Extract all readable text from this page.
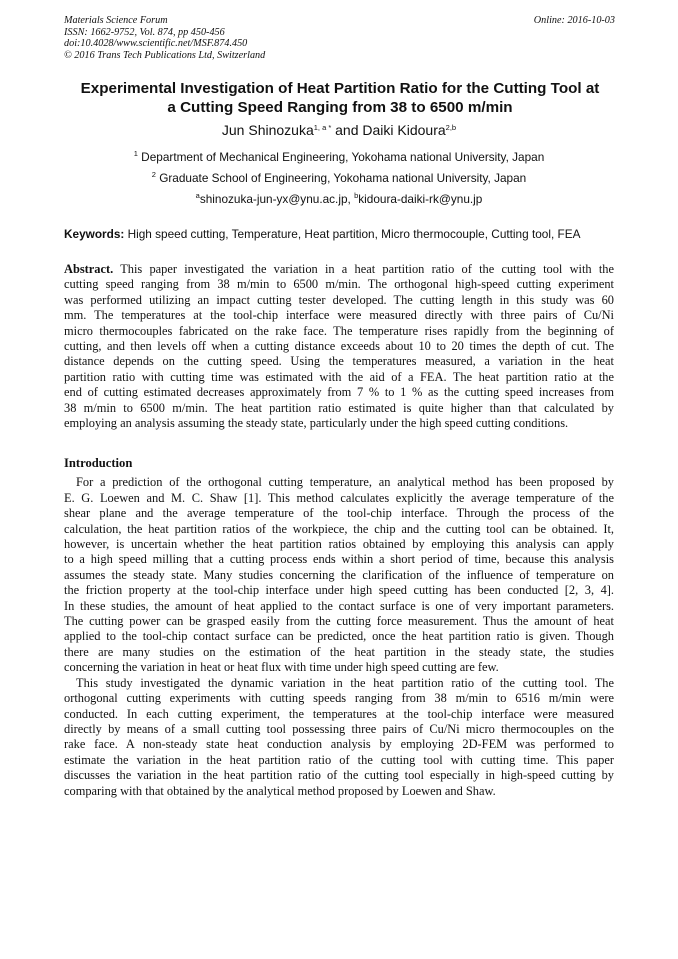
Materials Science Forum
ISSN: 1662-9752, Vol. 874, pp 450-456
doi:10.4028/www.scientific.net/MSF.874.450
© 2016 Trans Tech Publications Ltd, Switzerland
Online: 2016-10-03
Experimental Investigation of Heat Partition Ratio for the Cutting Tool at
a Cutting Speed Ranging from 38 to 6500 m/min
Jun Shinozuka$^{1, a *}$ and Daiki Kidoura$^{2,b}$
$^1$ Department of Mechanical Engineering, Yokohama national University, Japan
$^2$ Graduate School of Engineering, Yokohama national University, Japan
$^a$shinozuka-jun-yx@ynu.ac.jp, $^b$kidoura-daiki-rk@ynu.jp
Keywords: High speed cutting, Temperature, Heat partition, Micro thermocouple, Cutting tool, FEA
Abstract. This paper investigated the variation in a heat partition ratio of the cutting tool with the
cutting speed ranging from 38 m/min to 6500 m/min. The orthogonal high-speed cutting experiment
was performed utilizing an impact cutting tester developed. The cutting length in this study was 60
mm. The temperatures at the tool-chip interface were measured directly with three pairs of Cu/Ni
micro thermocouples fabricated on the rake face. The temperature rises rapidly from the beginning of
cutting, and then levels off when a cutting distance exceeds about 10 to 20 times the depth of cut. The
distance depends on the cutting speed. Using the temperatures measured, a variation in the heat
partition ratio with cutting time was estimated with the aid of a FEA. The heat partition ratio at the
end of cutting estimated decreases approximately from 7 % to 1 % as the cutting speed increases from
38 m/min to 6500 m/min. The heat partition ratio estimated is quite higher than that calculated by
employing an analysis assuming the steady state, particularly under the high speed cutting conditions.
Introduction
For a prediction of the orthogonal cutting temperature, an analytical method has been proposed by
E. G. Loewen and M. C. Shaw [1]. This method calculates explicitly the average temperature of the
shear plane and the average temperature of the tool-chip interface. Through the process of the
calculation, the heat partition ratios of the workpiece, the chip and the cutting tool can be obtained. It,
however, is uncertain whether the heat partition ratios obtained by employing this analysis can apply
to a high speed milling that a cutting process ends within a short period of time, because this analysis
assumes the steady state. Many studies concerning the clarification of the influence of temperature on
the friction property at the tool-chip interface under high speed cutting has been conducted [2, 3, 4].
In these studies, the amount of heat applied to the contact surface is one of very important parameters.
The cutting power can be grasped easily from the cutting force measurement. Thus the amount of heat
applied to the tool-chip contact surface can be predicted, once the heat partition ratio is given. Though
there are many studies on the estimation of the heat partition in the steady state, the studies
concerning the variation in heat or heat flux with time under high speed cutting are few.
This study investigated the dynamic variation in the heat partition ratio of the cutting tool. The
orthogonal cutting experiments with cutting speeds ranging from 38 m/min to 6516 m/min were
conducted. In each cutting experiment, the temperatures at the tool-chip interface were measured
directly by means of a small cutting tool possessing three pairs of Cu/Ni micro thermocouples on the
rake face. A non-steady state heat conduction analysis by employing 2D-FEM was performed to
estimate the variation in the heat partition ratio of the cutting tool with cutting time. This paper
discusses the variation in the heat partition ratio of the cutting tool especially in high-speed cutting by
comparing with that obtained by the analytical method proposed by Loewen and Shaw.
